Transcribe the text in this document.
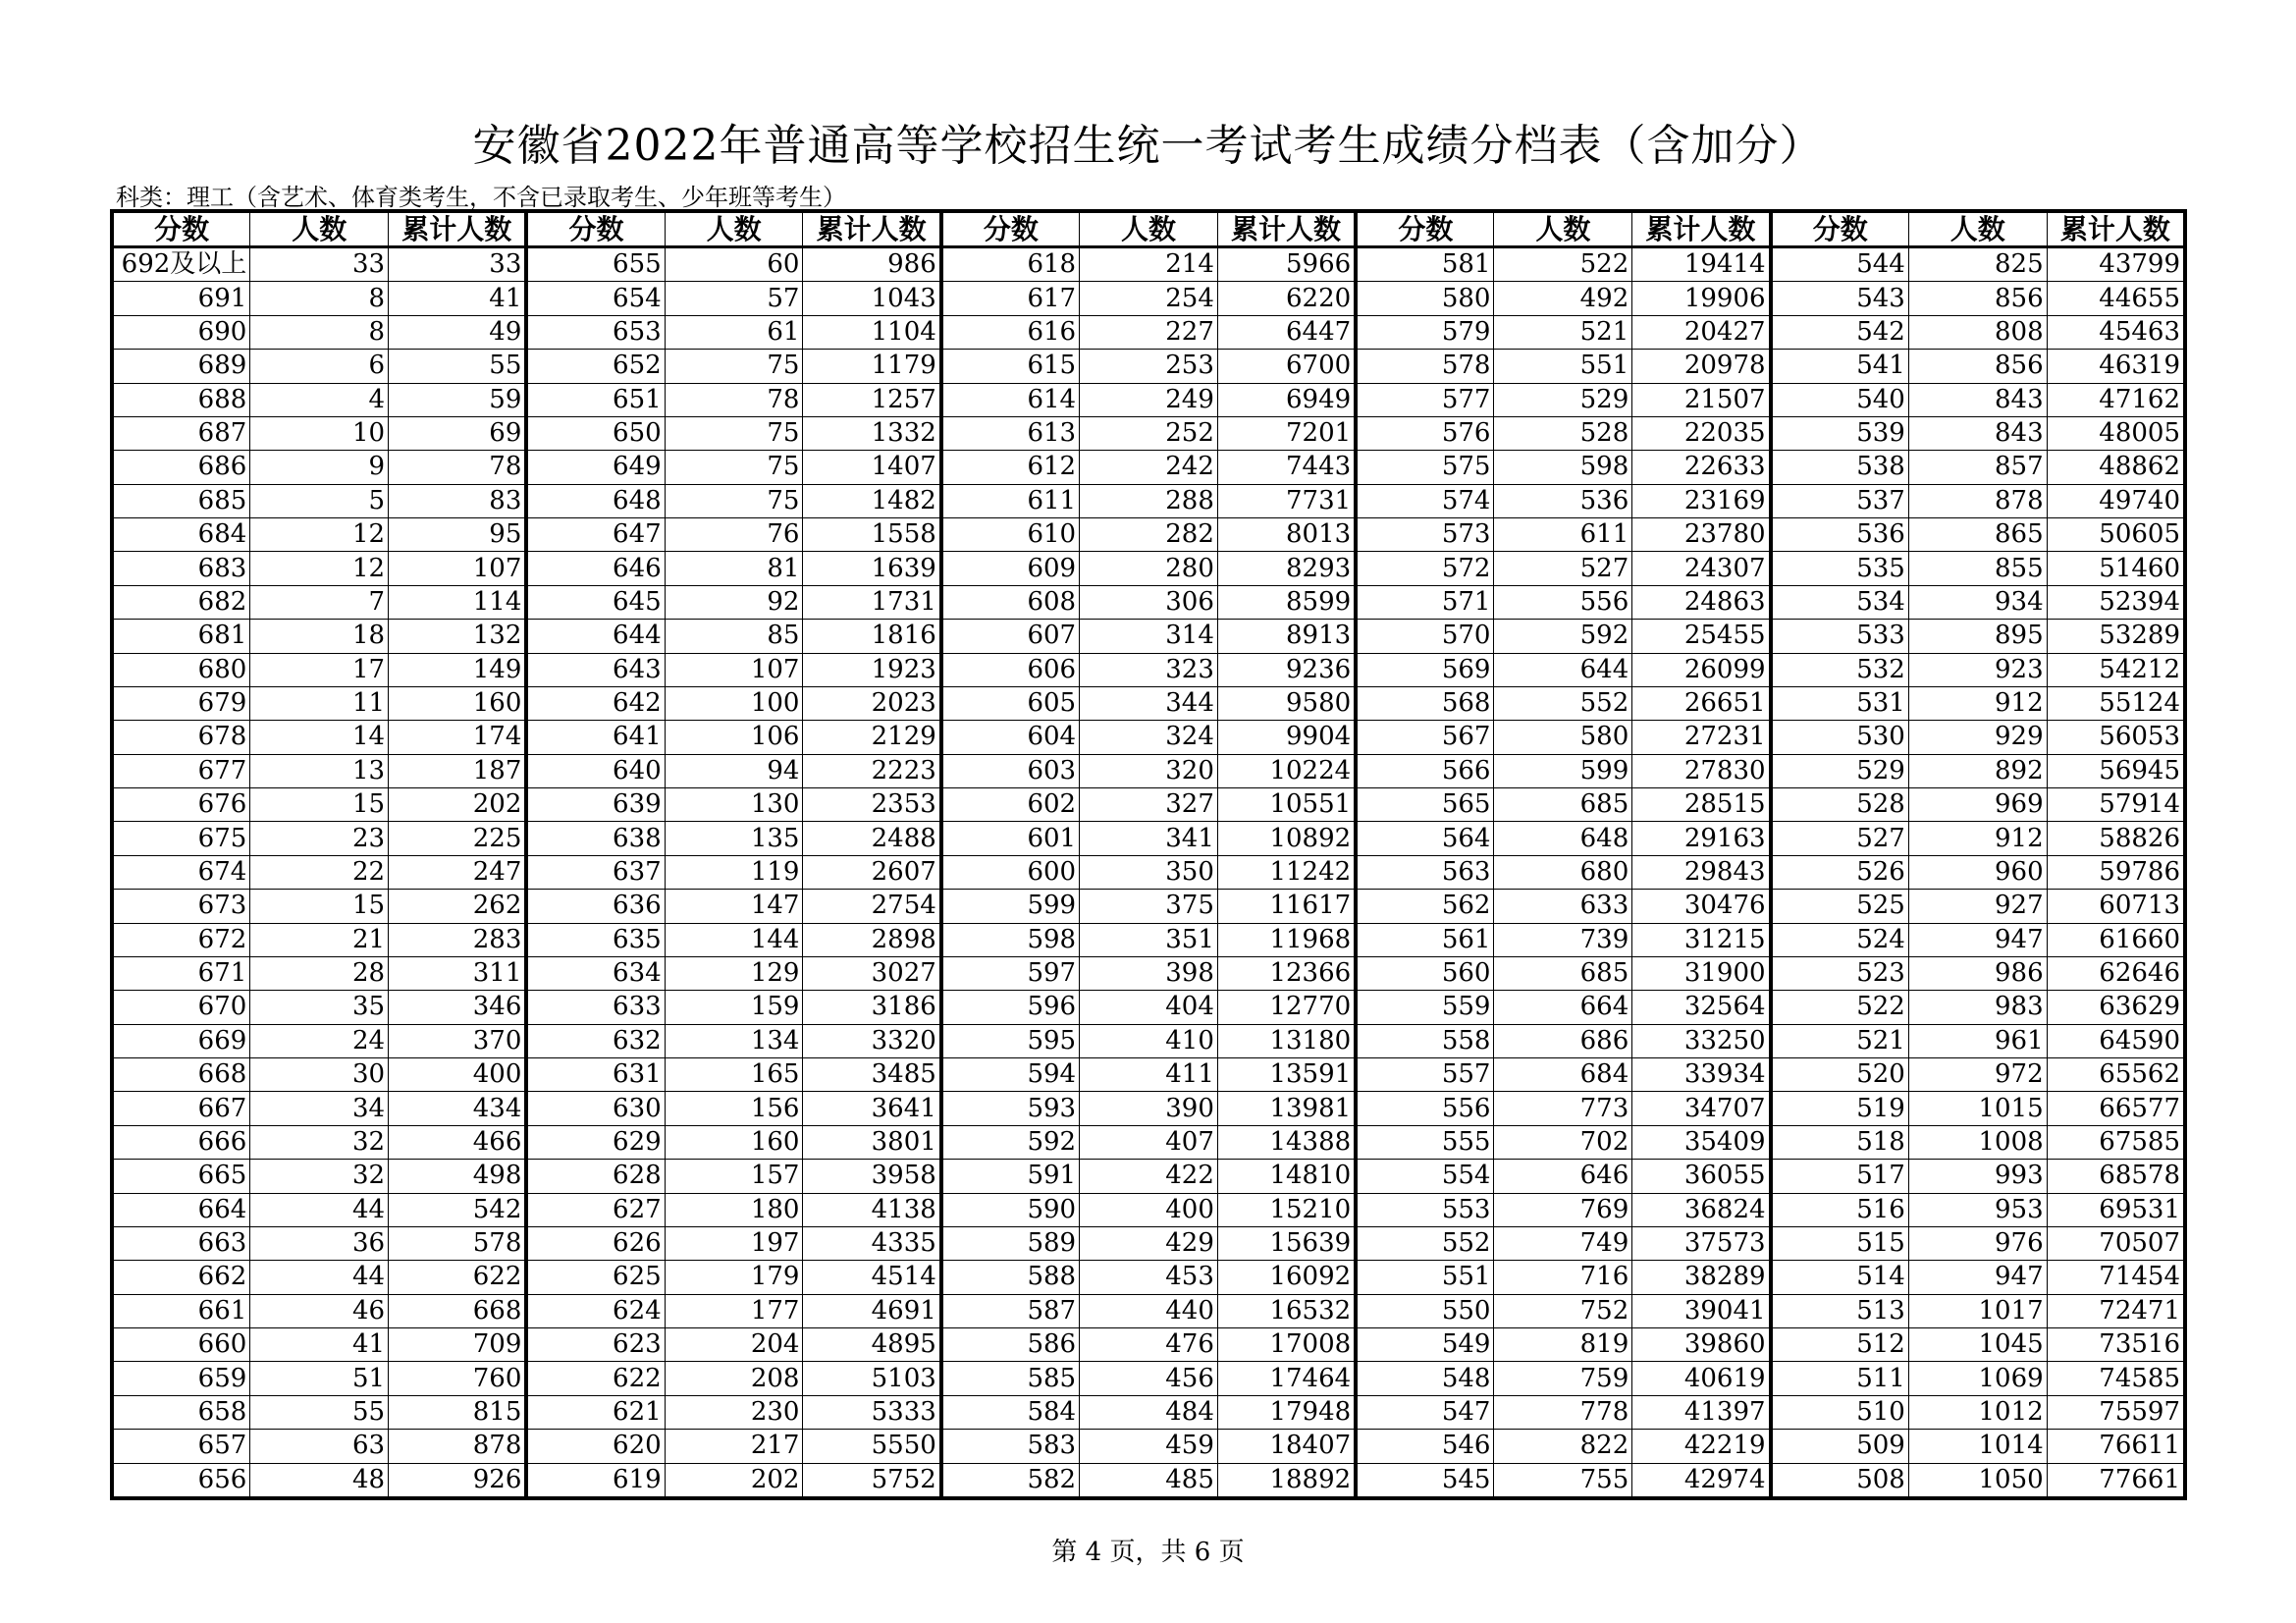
安徽省2022年普通高等学校招生统一考试考生成绩分档表（含加分）
科类：理工（含艺术、体育类考生，不含已录取考生、少年班等考生）
分数	人数	累计人数	分数	人数	累计人数	分数	人数	累计人数	分数	人数	累计人数	分数	人数	累计人数
692及以上	33	33	655	60	986	618	214	5966	581	522	19414	544	825	43799
691	8	41	654	57	1043	617	254	6220	580	492	19906	543	856	44655
690	8	49	653	61	1104	616	227	6447	579	521	20427	542	808	45463
689	6	55	652	75	1179	615	253	6700	578	551	20978	541	856	46319
688	4	59	651	78	1257	614	249	6949	577	529	21507	540	843	47162
687	10	69	650	75	1332	613	252	7201	576	528	22035	539	843	48005
686	9	78	649	75	1407	612	242	7443	575	598	22633	538	857	48862
685	5	83	648	75	1482	611	288	7731	574	536	23169	537	878	49740
684	12	95	647	76	1558	610	282	8013	573	611	23780	536	865	50605
683	12	107	646	81	1639	609	280	8293	572	527	24307	535	855	51460
682	7	114	645	92	1731	608	306	8599	571	556	24863	534	934	52394
681	18	132	644	85	1816	607	314	8913	570	592	25455	533	895	53289
680	17	149	643	107	1923	606	323	9236	569	644	26099	532	923	54212
679	11	160	642	100	2023	605	344	9580	568	552	26651	531	912	55124
678	14	174	641	106	2129	604	324	9904	567	580	27231	530	929	56053
677	13	187	640	94	2223	603	320	10224	566	599	27830	529	892	56945
676	15	202	639	130	2353	602	327	10551	565	685	28515	528	969	57914
675	23	225	638	135	2488	601	341	10892	564	648	29163	527	912	58826
674	22	247	637	119	2607	600	350	11242	563	680	29843	526	960	59786
673	15	262	636	147	2754	599	375	11617	562	633	30476	525	927	60713
672	21	283	635	144	2898	598	351	11968	561	739	31215	524	947	61660
671	28	311	634	129	3027	597	398	12366	560	685	31900	523	986	62646
670	35	346	633	159	3186	596	404	12770	559	664	32564	522	983	63629
669	24	370	632	134	3320	595	410	13180	558	686	33250	521	961	64590
668	30	400	631	165	3485	594	411	13591	557	684	33934	520	972	65562
667	34	434	630	156	3641	593	390	13981	556	773	34707	519	1015	66577
666	32	466	629	160	3801	592	407	14388	555	702	35409	518	1008	67585
665	32	498	628	157	3958	591	422	14810	554	646	36055	517	993	68578
664	44	542	627	180	4138	590	400	15210	553	769	36824	516	953	69531
663	36	578	626	197	4335	589	429	15639	552	749	37573	515	976	70507
662	44	622	625	179	4514	588	453	16092	551	716	38289	514	947	71454
661	46	668	624	177	4691	587	440	16532	550	752	39041	513	1017	72471
660	41	709	623	204	4895	586	476	17008	549	819	39860	512	1045	73516
659	51	760	622	208	5103	585	456	17464	548	759	40619	511	1069	74585
658	55	815	621	230	5333	584	484	17948	547	778	41397	510	1012	75597
657	63	878	620	217	5550	583	459	18407	546	822	42219	509	1014	76611
656	48	926	619	202	5752	582	485	18892	545	755	42974	508	1050	77661
第 4 页，共 6 页
